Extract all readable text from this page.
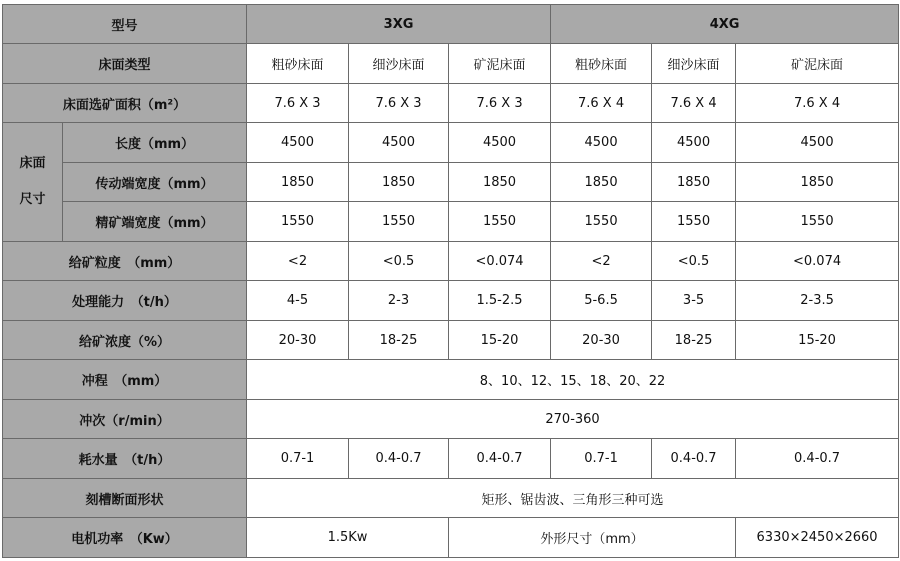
型号		3XG			4XG		
床面类型		粗砂床面	细沙床面	矿泥床面	粗砂床面	细沙床面	矿泥床面
床面选矿面积（m²）		7.6 X 3	7.6 X 3	7.6 X 3	7.6 X 4	7.6 X 4	7.6 X 4

床面
尺寸	长度（mm）	4500	4500	4500	4500	4500	4500
	传动端宽度（mm）	1850	1850	1850	1850	1850	1850
	精矿端宽度（mm）	1550	1550	1550	1550	1550	1550
给矿粒度　（mm）		<2	<0.5	<0.074	<2	<0.5	<0.074
处理能力　（t/h）		4-5	2-3	1.5-2.5	5-6.5	3-5	2-3.5
给矿浓度（%）		20-30	18-25	15-20	20-30	18-25	15-20
冲程　（mm）		8、10、12、15、18、20、22					
冲次（r/min）		270-360					
耗水量　（t/h）		0.7-1	0.4-0.7	0.4-0.7	0.7-1	0.4-0.7	0.4-0.7
刻槽断面形状		矩形、锯齿波、三角形三种可选					
电机功率　（Kw）		1.5Kw		外形尺寸（mm）			6330×2450×2660
